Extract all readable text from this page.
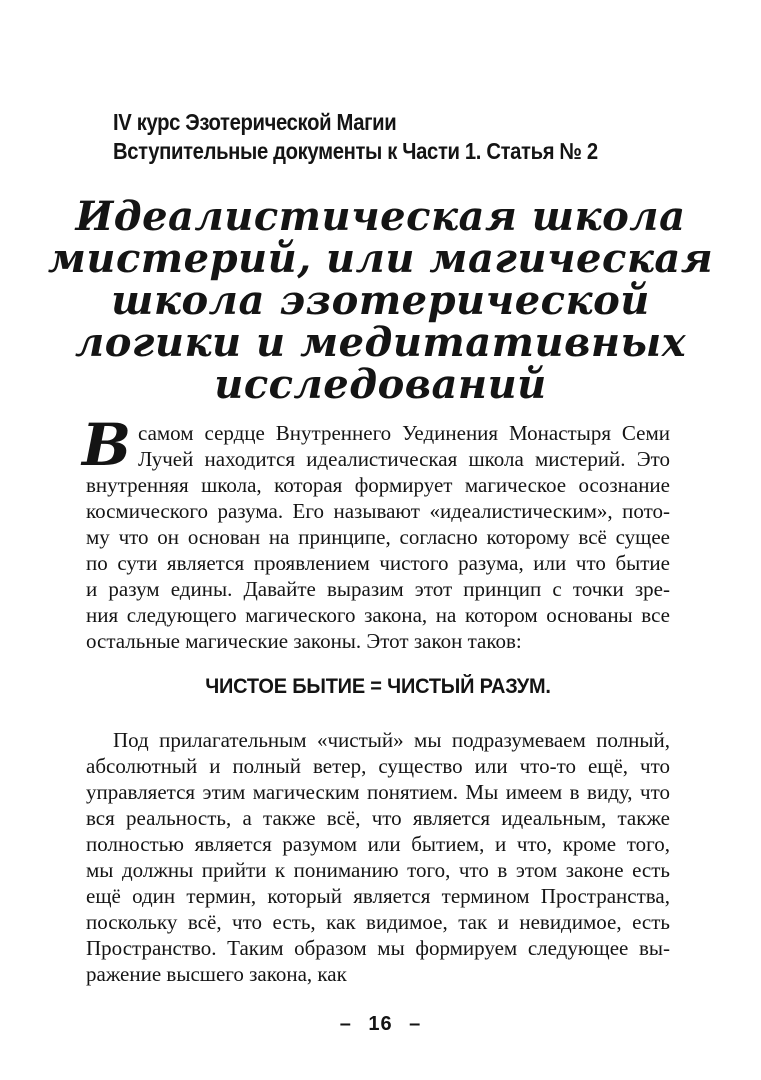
IV курс Эзотерической Магии
Вступительные документы к Части 1. Статья № 2
Идеалистическая школа
мистерий, или магическая
школа эзотерической
логики и медитативных
исследований
В самом сердце Внутреннего Уединения Монастыря Семи
Лучей находится идеалистическая школа мистерий. Это
внутренняя школа, которая формирует магическое осознание
космического разума. Его называют «идеалистическим», пото-
му что он основан на принципе, согласно которому всё сущее
по сути является проявлением чистого разума, или что бытие
и разум едины. Давайте выразим этот принцип с точки зре-
ния следующего магического закона, на котором основаны все
остальные магические законы. Этот закон таков:
ЧИСТОЕ БЫТИЕ = ЧИСТЫЙ РАЗУМ.
Под прилагательным «чистый» мы подразумеваем полный,
абсолютный и полный ветер, существо или что-то ещё, что
управляется этим магическим понятием. Мы имеем в виду, что
вся реальность, а также всё, что является идеальным, также
полностью является разумом или бытием, и что, кроме того,
мы должны прийти к пониманию того, что в этом законе есть
ещё один термин, который является термином Пространства,
поскольку всё, что есть, как видимое, так и невидимое, есть
Пространство. Таким образом мы формируем следующее вы-
ражение высшего закона, как
– 16 –
